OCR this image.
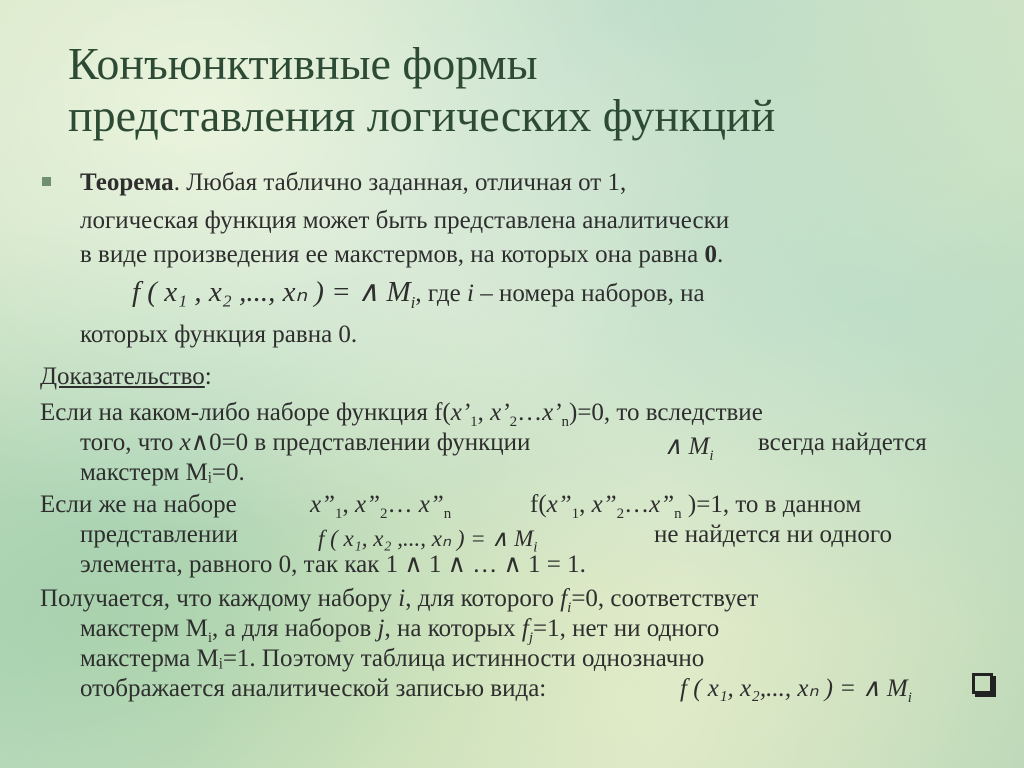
Конъюнктивные формы
представления логических функций
Теорема. Любая таблично заданная, отличная от 1,
логическая функция может быть представлена аналитически
в виде произведения ее макстермов, на которых она равна 0.
f ( x₁ , x₂ ,..., xₙ ) = ∧ $M_i$, где i – номера наборов, на
которых функция равна 0.
Доказательство:
Если на каком-либо наборе функция $f(x’_1$, $x’_2\dots x’_n)=0$, то вследствие
того, что x∧0=0 в представлении функции	∧ $M_i$ всегда найдется
макстерм Mᵢ=0.
Если же на наборе	$x”_1$, $x”_2\dots$ $x”_n$	$f(x”_1$, $x”_2\dots x”_n$ )=1, то в данном
представлении	f ( x₁, x₂ ,..., xₙ ) = ∧ $M_i$	не найдется ни одного
элемента, равного 0, так как 1 ∧ 1 ∧ … ∧ 1 = 1.
Получается, что каждому набору i, для которого $f_i=0$, соответствует
макстерм $M_i$, а для наборов j, на которых $f_j=1$, нет ни одного
макстерма Mᵢ=1. Поэтому таблица истинности однозначно
отображается аналитической записью вида:	f ( x₁, x₂,..., xₙ ) = ∧ $M_i$
